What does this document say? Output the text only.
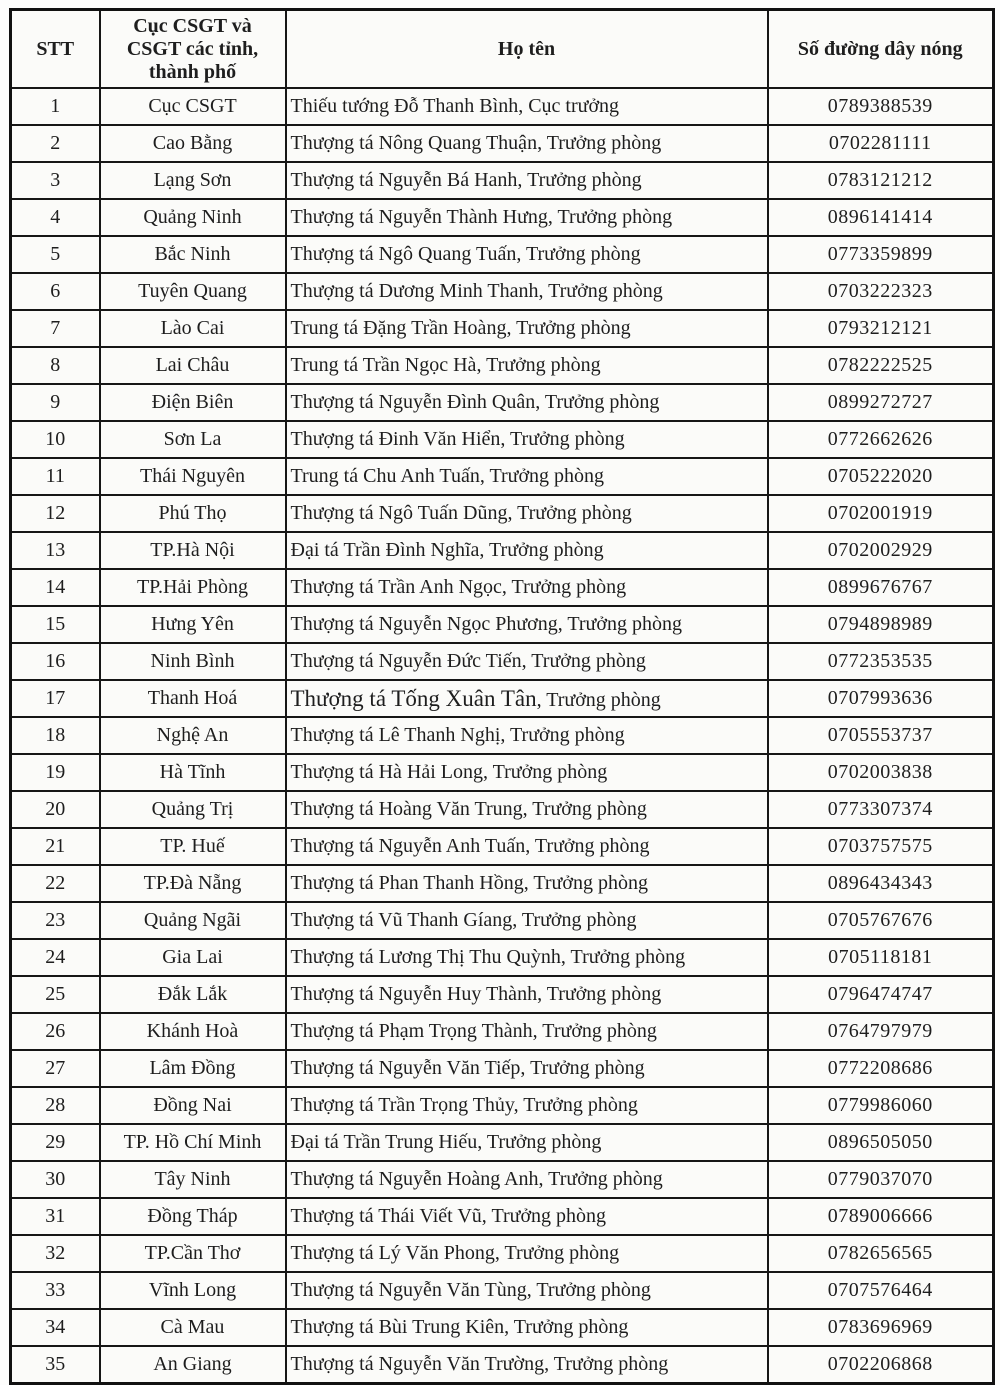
STT	Cục CSGT và CSGT các tỉnh, thành phố	Họ tên	Số đường dây nóng
1	Cục CSGT	Thiếu tướng Đỗ Thanh Bình, Cục trưởng	0789388539
2	Cao Bằng	Thượng tá Nông Quang Thuận, Trưởng phòng	0702281111
3	Lạng Sơn	Thượng tá Nguyễn Bá Hanh, Trưởng phòng	0783121212
4	Quảng Ninh	Thượng tá Nguyễn Thành Hưng, Trưởng phòng	0896141414
5	Bắc Ninh	Thượng tá Ngô Quang Tuấn, Trưởng phòng	0773359899
6	Tuyên Quang	Thượng tá Dương Minh Thanh, Trưởng phòng	0703222323
7	Lào Cai	Trung tá Đặng Trần Hoàng, Trưởng phòng	0793212121
8	Lai Châu	Trung tá Trần Ngọc Hà, Trưởng phòng	0782222525
9	Điện Biên	Thượng tá Nguyễn Đình Quân, Trưởng phòng	0899272727
10	Sơn La	Thượng tá Đinh Văn Hiển, Trưởng phòng	0772662626
11	Thái Nguyên	Trung tá Chu Anh Tuấn, Trưởng phòng	0705222020
12	Phú Thọ	Thượng tá Ngô Tuấn Dũng, Trưởng phòng	0702001919
13	TP.Hà Nội	Đại tá Trần Đình Nghĩa, Trưởng phòng	0702002929
14	TP.Hải Phòng	Thượng tá Trần Anh Ngọc, Trưởng phòng	0899676767
15	Hưng Yên	Thượng tá Nguyễn Ngọc Phương, Trưởng phòng	0794898989
16	Ninh Bình	Thượng tá Nguyễn Đức Tiến, Trưởng phòng	0772353535
17	Thanh Hoá	Thượng tá Tống Xuân Tân, Trưởng phòng	0707993636
18	Nghệ An	Thượng tá Lê Thanh Nghị, Trưởng phòng	0705553737
19	Hà Tĩnh	Thượng tá Hà Hải Long, Trưởng phòng	0702003838
20	Quảng Trị	Thượng tá Hoàng Văn Trung, Trưởng phòng	0773307374
21	TP. Huế	Thượng tá Nguyễn Anh Tuấn, Trưởng phòng	0703757575
22	TP.Đà Nẵng	Thượng tá Phan Thanh Hồng, Trưởng phòng	0896434343
23	Quảng Ngãi	Thượng tá Vũ Thanh Gíang, Trưởng phòng	0705767676
24	Gia Lai	Thượng tá Lương Thị Thu Quỳnh, Trưởng phòng	0705118181
25	Đắk Lắk	Thượng tá Nguyễn Huy Thành, Trưởng phòng	0796474747
26	Khánh Hoà	Thượng tá Phạm Trọng Thành, Trưởng phòng	0764797979
27	Lâm Đồng	Thượng tá Nguyễn Văn Tiếp, Trưởng phòng	0772208686
28	Đồng Nai	Thượng tá Trần Trọng Thủy, Trưởng phòng	0779986060
29	TP. Hồ Chí Minh	Đại tá Trần Trung Hiếu, Trưởng phòng	0896505050
30	Tây Ninh	Thượng tá Nguyễn Hoàng Anh, Trưởng phòng	0779037070
31	Đồng Tháp	Thượng tá Thái Viết Vũ, Trưởng phòng	0789006666
32	TP.Cần Thơ	Thượng tá Lý Văn Phong, Trưởng phòng	0782656565
33	Vĩnh Long	Thượng tá Nguyễn Văn Tùng, Trưởng phòng	0707576464
34	Cà Mau	Thượng tá Bùi Trung Kiên, Trưởng phòng	0783696969
35	An Giang	Thượng tá Nguyễn Văn Trường, Trưởng phòng	0702206868
